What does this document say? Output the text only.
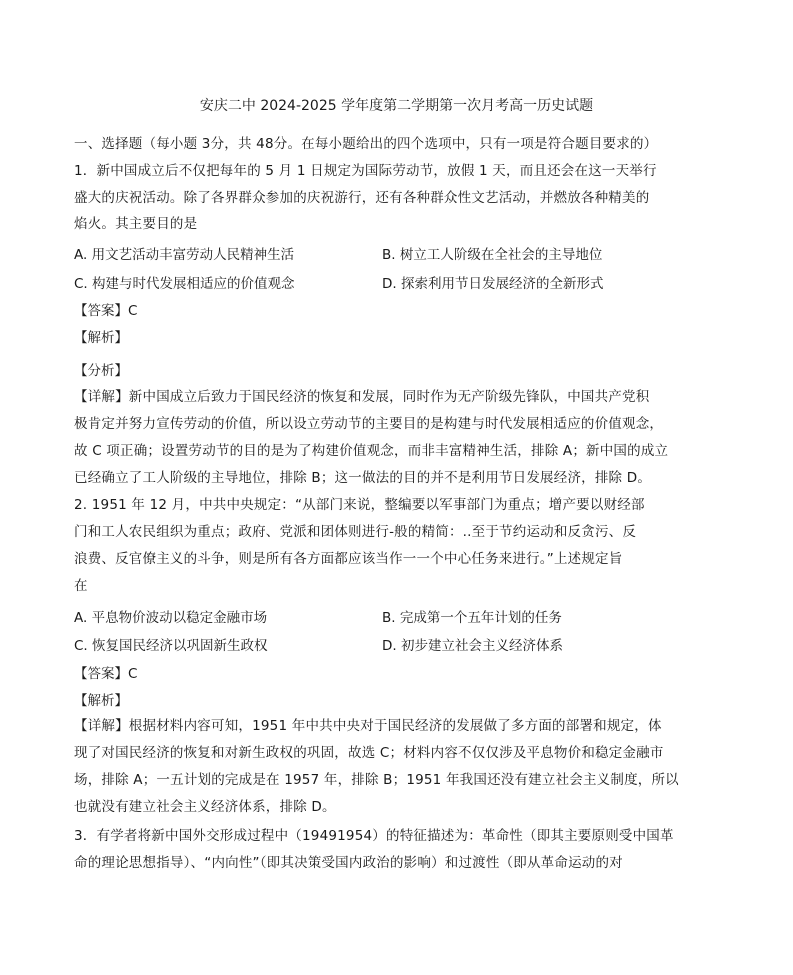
安庆二中 2024-2025 学年度第二学期第一次月考高一历史试题
一、选择题（每小题 3分，共 48分。在每小题给出的四个选项中，只有一项是符合题目要求的）
1．新中国成立后不仅把每年的 5 月 1 日规定为国际劳动节，放假 1 天，而且还会在这一天举行
盛大的庆祝活动。除了各界群众参加的庆祝游行，还有各种群众性文艺活动，并燃放各种精美的
焰火。其主要目的是
A. 用文艺活动丰富劳动人民精神生活	B. 树立工人阶级在全社会的主导地位
C. 构建与时代发展相适应的价值观念	D. 探索利用节日发展经济的全新形式
【答案】C
【解析】
【分析】
【详解】新中国成立后致力于国民经济的恢复和发展，同时作为无产阶级先锋队，中国共产党积
极肯定并努力宣传劳动的价值，所以设立劳动节的主要目的是构建与时代发展相适应的价值观念，
故 C 项正确；设置劳动节的目的是为了构建价值观念，而非丰富精神生活，排除 A；新中国的成立
已经确立了工人阶级的主导地位，排除 B；这一做法的目的并不是利用节日发展经济，排除 D。
2. 1951 年 12 月，中共中央规定：“从部门来说，整编要以军事部门为重点；增产要以财经部
门和工人农民组织为重点；政府、党派和团体则进行-般的精简：..至于节约运动和反贪污、反
浪费、反官僚主义的斗争，则是所有各方面都应该当作一一个中心任务来进行。”上述规定旨
在
A. 平息物价波动以稳定金融市场	B. 完成第一个五年计划的任务
C. 恢复国民经济以巩固新生政权	D. 初步建立社会主义经济体系
【答案】C
【解析】
【详解】根据材料内容可知，1951 年中共中央对于国民经济的发展做了多方面的部署和规定，体
现了对国民经济的恢复和对新生政权的巩固，故选 C；材料内容不仅仅涉及平息物价和稳定金融市
场，排除 A；一五计划的完成是在 1957 年，排除 B；1951 年我国还没有建立社会主义制度，所以
也就没有建立社会主义经济体系，排除 D。
3．有学者将新中国外交形成过程中（19491954）的特征描述为：革命性（即其主要原则受中国革
命的理论思想指导）、“内向性”（即其决策受国内政治的影响）和过渡性（即从革命运动的对
